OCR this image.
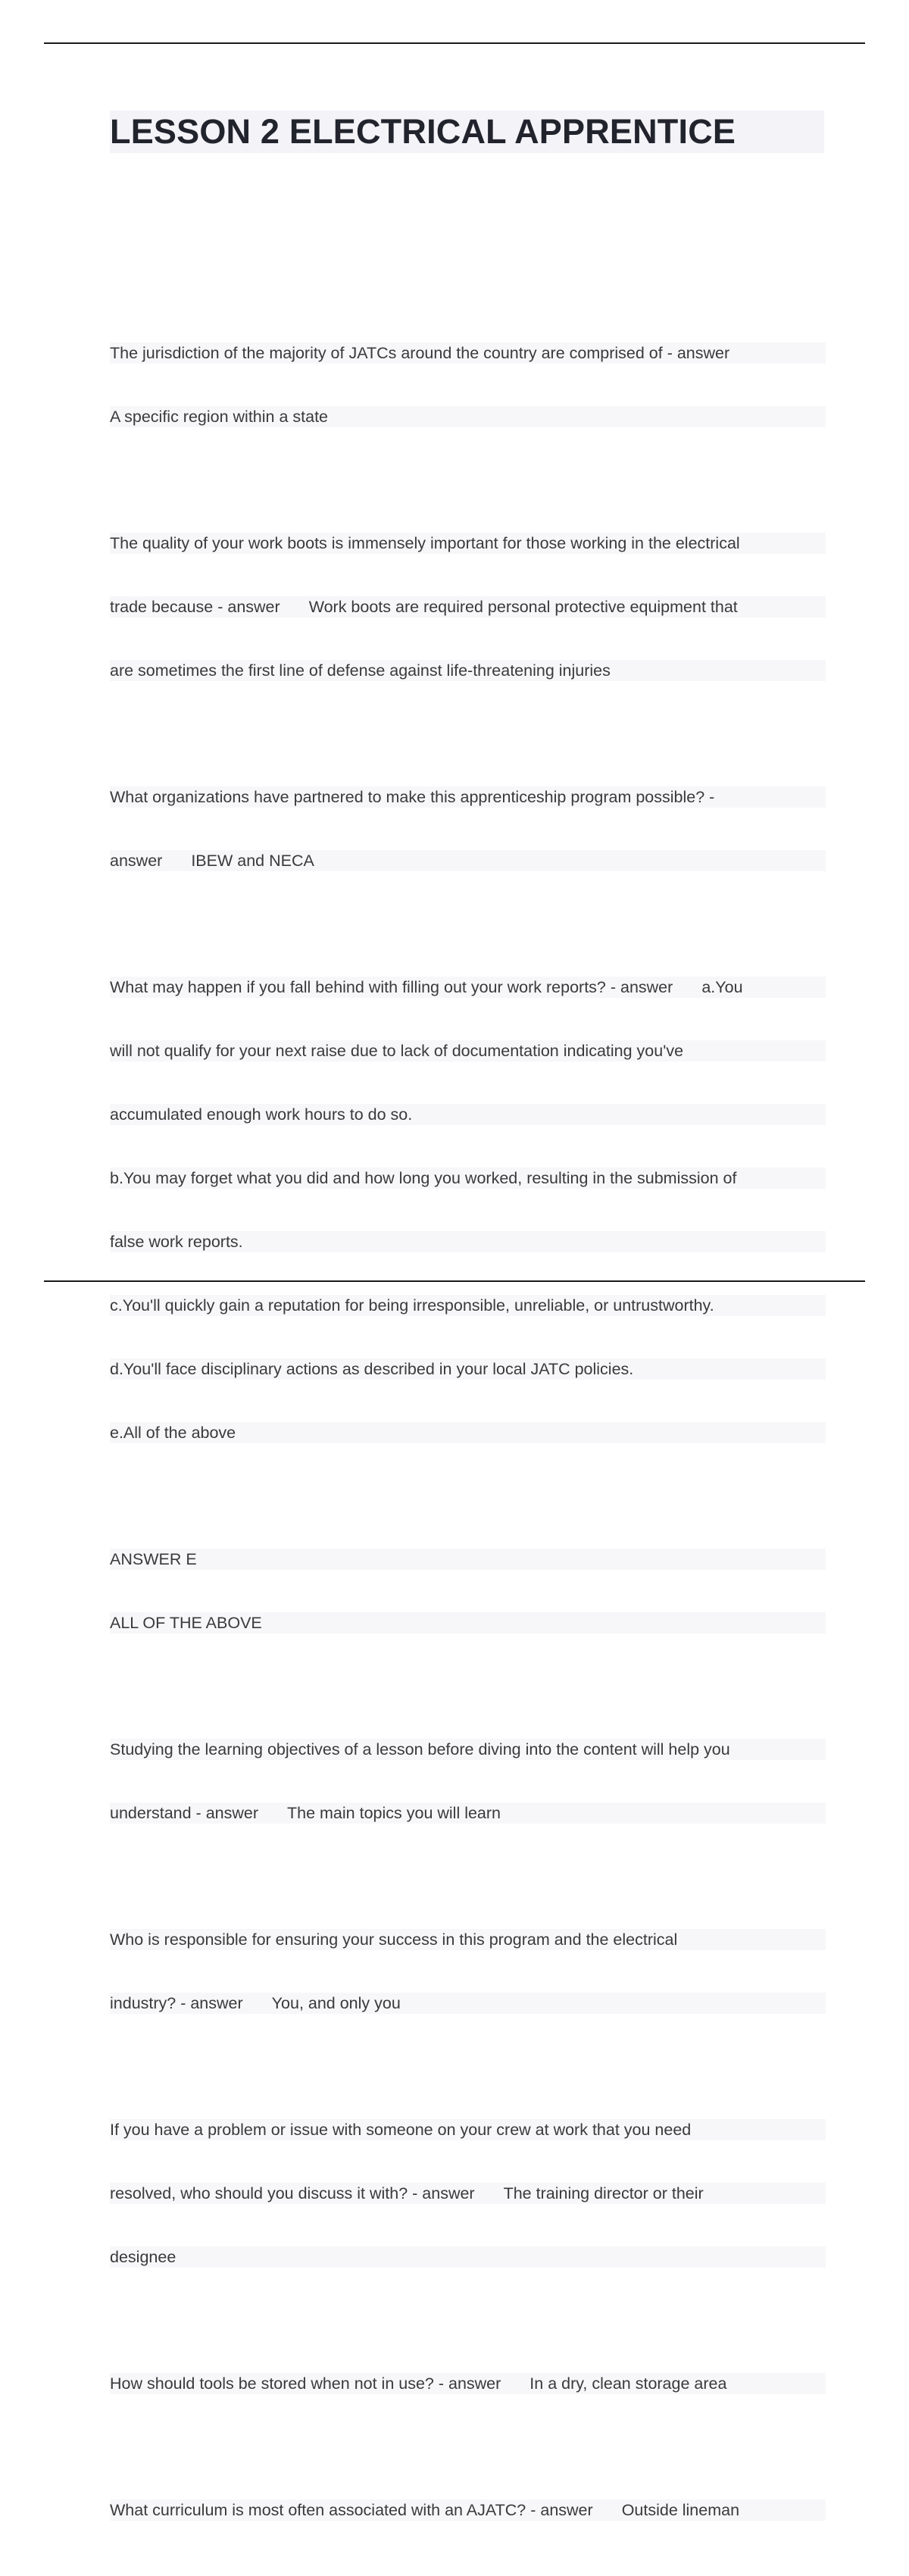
LESSON 2 ELECTRICAL APPRENTICE

The jurisdiction of the majority of JATCs around the country are comprised of - answer

A specific region within a state

The quality of your work boots is immensely important for those working in the electrical

trade because - answer Work boots are required personal protective equipment that

are sometimes the first line of defense against life-threatening injuries

What organizations have partnered to make this apprenticeship program possible? -

answer IBEW and NECA

What may happen if you fall behind with filling out your work reports? - answer a.You

will not qualify for your next raise due to lack of documentation indicating you've

accumulated enough work hours to do so.

b.You may forget what you did and how long you worked, resulting in the submission of

false work reports.

c.You'll quickly gain a reputation for being irresponsible, unreliable, or untrustworthy.

d.You'll face disciplinary actions as described in your local JATC policies.

e.All of the above

ANSWER E

ALL OF THE ABOVE

Studying the learning objectives of a lesson before diving into the content will help you

understand - answer The main topics you will learn

Who is responsible for ensuring your success in this program and the electrical

industry? - answer You, and only you

If you have a problem or issue with someone on your crew at work that you need

resolved, who should you discuss it with? - answer The training director or their

designee

How should tools be stored when not in use? - answer In a dry, clean storage area

What curriculum is most often associated with an AJATC? - answer Outside lineman
